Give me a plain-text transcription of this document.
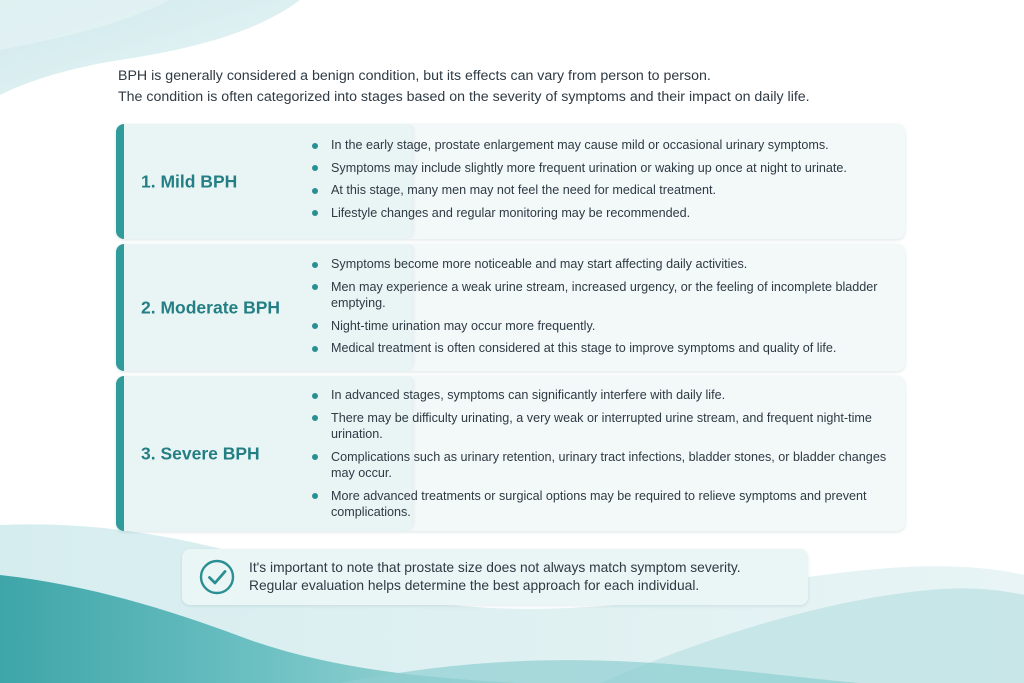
BPH is generally considered a benign condition, but its effects can vary from person to person.

The condition is often categorized into stages based on the severity of symptoms and their impact on daily life.

1. Mild BPH
In the early stage, prostate enlargement may cause mild or occasional urinary symptoms.
Symptoms may include slightly more frequent urination or waking up once at night to urinate.
At this stage, many men may not feel the need for medical treatment.
Lifestyle changes and regular monitoring may be recommended.
2. Moderate BPH
Symptoms become more noticeable and may start affecting daily activities.
Men may experience a weak urine stream, increased urgency, or the feeling of incomplete bladder emptying.
Night-time urination may occur more frequently.
Medical treatment is often considered at this stage to improve symptoms and quality of life.
3. Severe BPH
In advanced stages, symptoms can significantly interfere with daily life.
There may be difficulty urinating, a very weak or interrupted urine stream, and frequent night-time urination.
Complications such as urinary retention, urinary tract infections, bladder stones, or bladder changes may occur.
More advanced treatments or surgical options may be required to relieve symptoms and prevent complications.
It's important to note that prostate size does not always match symptom severity.
Regular evaluation helps determine the best approach for each individual.
